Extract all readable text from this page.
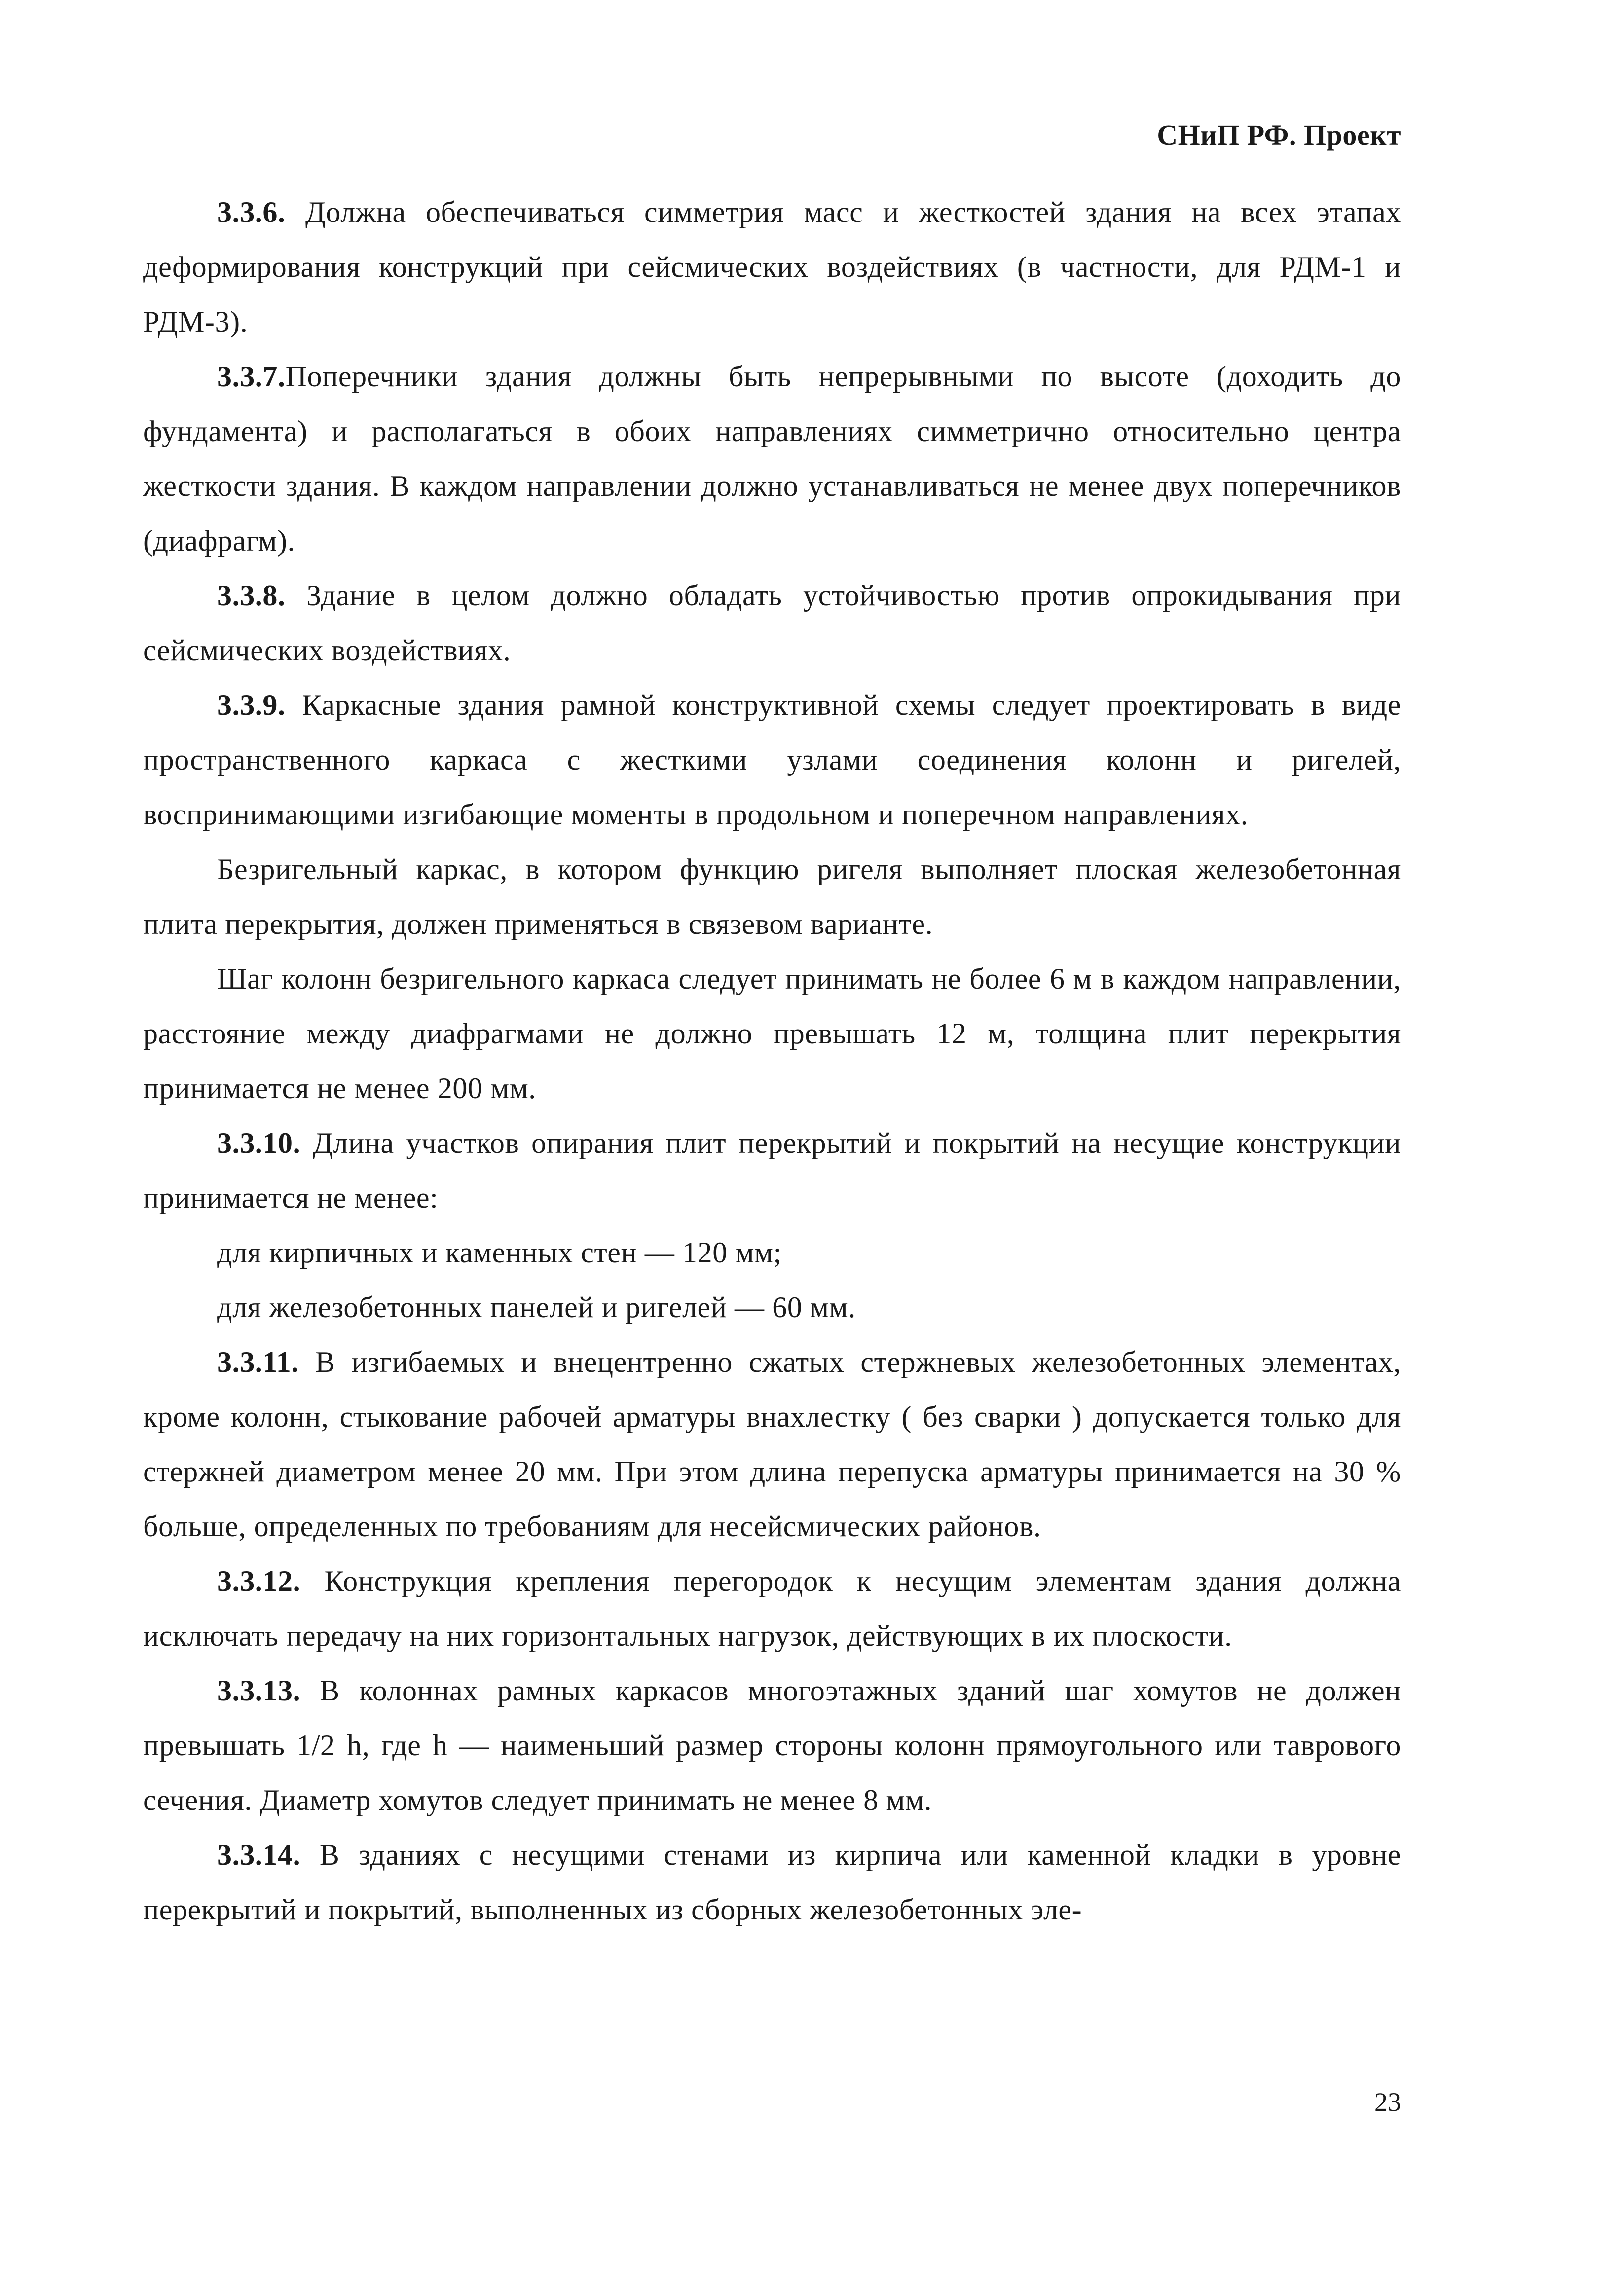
СНиП РФ. Проект

3.3.6. Должна обеспечиваться симметрия масс и жесткостей здания на всех этапах деформирования конструкций при сейсмических воздействиях (в частности, для РДМ-1 и РДМ-3).

3.3.7.Поперечники здания должны быть непрерывными по высоте (доходить до фундамента) и располагаться в обоих направлениях симметрично относительно центра жесткости здания. В каждом направлении должно устанавливаться не менее двух поперечников (диафрагм).

3.3.8. Здание в целом должно обладать устойчивостью против опрокидывания при сейсмических воздействиях.

3.3.9. Каркасные здания рамной конструктивной схемы следует проектировать в виде пространственного каркаса с жесткими узлами соединения колонн и ригелей, воспринимающими изгибающие моменты в продольном и поперечном направлениях.

Безригельный каркас, в котором функцию ригеля выполняет плоская железобетонная плита перекрытия, должен применяться в связевом варианте.

Шаг колонн безригельного каркаса следует принимать не более 6 м в каждом направлении, расстояние между диафрагмами не должно превышать 12 м, толщина плит перекрытия принимается не менее 200 мм.

3.3.10. Длина участков опирания плит перекрытий и покрытий на несущие конструкции принимается не менее:

для кирпичных и каменных стен — 120 мм;

для железобетонных панелей и ригелей — 60 мм.

3.3.11. В изгибаемых и внецентренно сжатых стержневых железобетонных элементах, кроме колонн, стыкование рабочей арматуры внахлестку ( без сварки ) допускается только для стержней диаметром менее 20 мм. При этом длина перепуска арматуры принимается на 30 % больше, определенных по требованиям для несейсмических районов.

3.3.12. Конструкция крепления перегородок к несущим элементам здания должна исключать передачу на них горизонтальных нагрузок, действующих в их плоскости.

3.3.13. В колоннах рамных каркасов многоэтажных зданий шаг хомутов не должен превышать 1/2 h, где h — наименьший размер стороны колонн прямоугольного или таврового сечения. Диаметр хомутов следует принимать не менее 8 мм.

3.3.14. В зданиях с несущими стенами из кирпича или каменной кладки в уровне перекрытий и покрытий, выполненных из сборных железобетонных эле-

23
